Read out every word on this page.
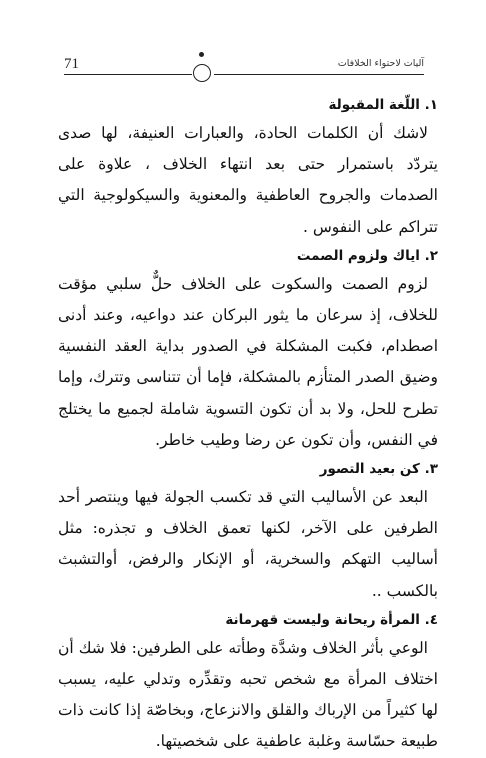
71	آليات لاحتواء الخلافات

١. اللّغة المقبولة

لاشك أن الكلمات الحادة، والعبارات العنيفة، لها صدى يتردّد باستمرار حتى بعد انتهاء الخلاف ، علاوة على الصدمات والجروح العاطفية والمعنوية والسيكولوجية التي تتراكم على النفوس .

٢. اياك ولزوم الصمت

لزوم الصمت والسكوت على الخلاف حلٌّ سلبي مؤقت للخلاف، إذ سرعان ما يثور البركان عند دواعيه، وعند أدنى اصطدام، فكبت المشكلة في الصدور بداية العقد النفسية وضيق الصدر المتأزم بالمشكلة، فإما أن تتناسى وتترك، وإما تطرح للحل، ولا بد أن تكون التسوية شاملة لجميع ما يختلج في النفس، وأن تكون عن رضا وطيب خاطر.

٣. كن بعيد التصور

البعد عن الأساليب التي قد تكسب الجولة فيها وينتصر أحد الطرفين على الآخر، لكنها تعمق الخلاف و تجذره: مثل أساليب التهكم والسخرية، أو الإنكار والرفض، أوالتشبث بالكسب ..

٤. المرأة ريحانة وليست قهرمانة

الوعي بأثر الخلاف وشدَّة وطأته على الطرفين: فلا شك أن اختلاف المرأة مع شخص تحبه وتقدِّره وتدلي عليه، يسبب لها كثيراً من الإرباك والقلق والانزعاج، وبخاصّة إذا كانت ذات طبيعة حسّاسة وغلبة عاطفية على شخصيتها.
